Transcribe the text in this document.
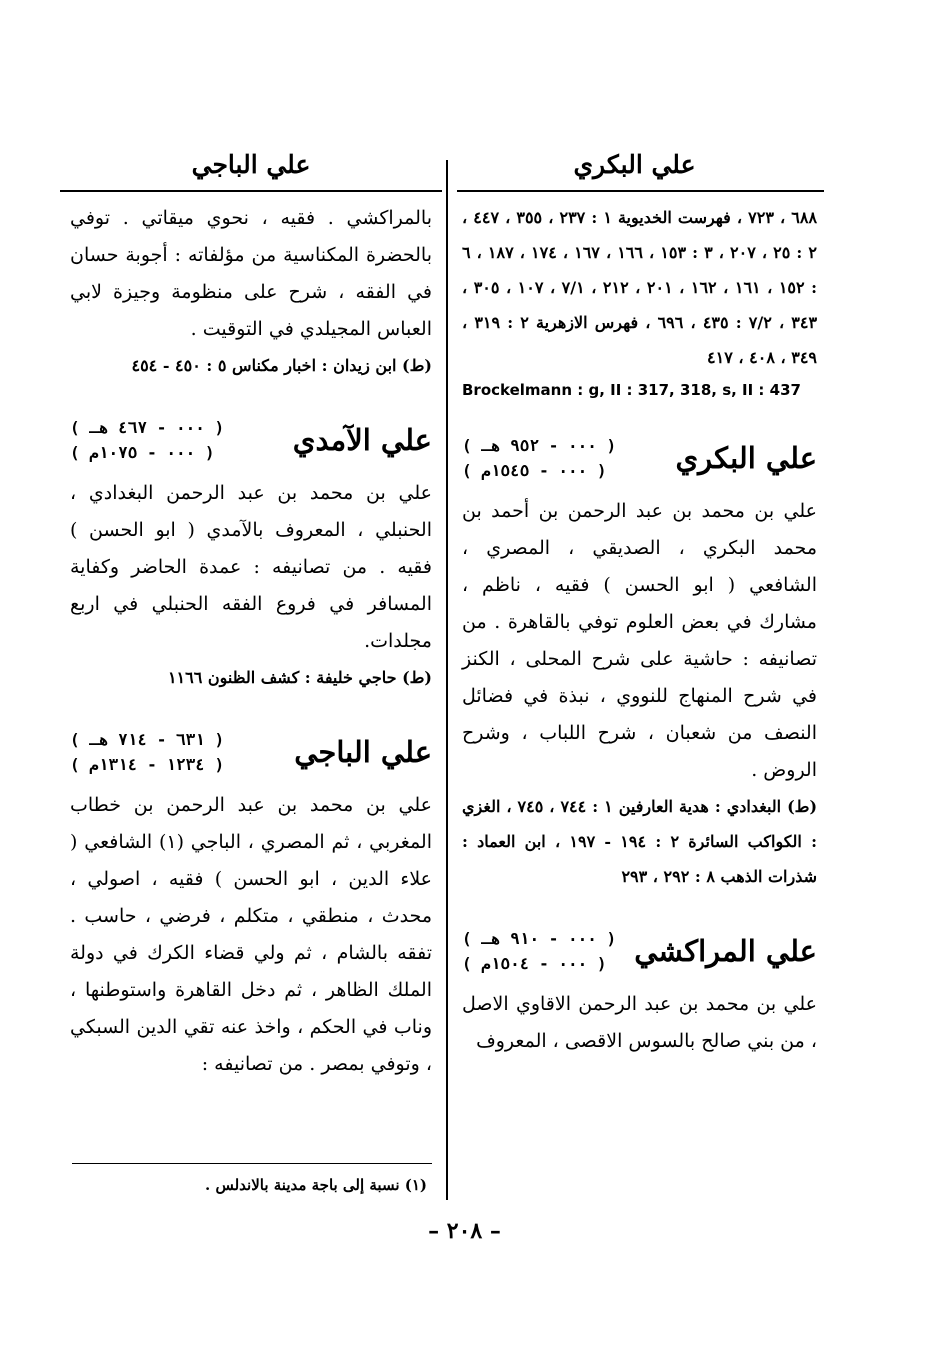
علي البكري
علي الباجي

٦٨٨ ، ٧٢٣ ، فهرست الخديوية ١ : ٢٣٧ ، ٣٥٥ ، ٤٤٧ ، ٢ : ٢٥ ، ٢٠٧ ، ٣ : ١٥٣ ، ١٦٦ ، ١٦٧ ، ١٧٤ ، ١٨٧ ، ٦ : ١٥٢ ، ١٦١ ، ١٦٢ ، ٢٠١ ، ٢١٢ ، ٧/١ ، ١٠٧ ، ٣٠٥ ، ٣٤٣ ، ٧/٢ : ٤٣٥ ، ٦٩٦ ، فهرس الازهرية ٢ : ٣١٩ ، ٣٤٩ ، ٤٠٨ ، ٤١٧

Brockelmann : g, II : 317, 318, s, II : 437

علي البكري
( ٠٠٠ - ٩٥٢ هـ )
( ٠٠٠ - ١٥٤٥م )

علي بن محمد بن عبد الرحمن بن أحمد بن محمد البكري ، الصديقي ، المصري ، الشافعي ( ابو الحسن ) فقيه ، ناظم ، مشارك في بعض العلوم توفي بالقاهرة . من تصانيفه : حاشية على شرح المحلى ، الكنز في شرح المنهاج للنووي ، نبذة في فضائل النصف من شعبان ، شرح اللباب ، وشرح الروض .

(ط) البغدادي : هدية العارفين ١ : ٧٤٤ ، ٧٤٥ ، الغزي : الكواكب السائرة ٢ : ١٩٤ - ١٩٧ ، ابن العماد : شذرات الذهب ٨ : ٢٩٢ ، ٢٩٣

علي المراكشي
( ٠٠٠ - ٩١٠ هـ )
( ٠٠٠ - ١٥٠٤م )

علي بن محمد بن عبد الرحمن الاقاوي الاصل ، من بني صالح بالسوس الاقصى ، المعروف

بالمراكشي . فقيه ، نحوي ميقاتي . توفي بالحضرة المكناسية من مؤلفاته : أجوبة حسان في الفقه ، شرح على منظومة وجيزة لابي العباس المجيلدي في التوقيت .

(ط) ابن زيدان : اخبار مكناس ٥ : ٤٥٠ - ٤٥٤

علي الآمدي
( ٠٠٠ - ٤٦٧ هـ )
( ٠٠٠ - ١٠٧٥م )

علي بن محمد بن عبد الرحمن البغدادي ، الحنبلي ، المعروف بالآمدي ( ابو الحسن ) فقيه . من تصانيفه : عمدة الحاضر وكفاية المسافر في فروع الفقه الحنبلي في اربع مجلدات.

(ط) حاجي خليفة : كشف الظنون ١١٦٦

علي الباجي
( ٦٣١ - ٧١٤ هـ )
( ١٢٣٤ - ١٣١٤م )

علي بن محمد بن عبد الرحمن بن خطاب المغربي ، ثم المصري ، الباجي (١) الشافعي ( علاء الدين ، ابو الحسن ) فقيه ، اصولي ، محدث ، منطقي ، متكلم ، فرضي ، حاسب . تفقه بالشام ، ثم ولي قضاء الكرك في دولة الملك الظاهر ، ثم دخل القاهرة واستوطنها ، وناب في الحكم ، واخذ عنه تقي الدين السبكي ، وتوفي بمصر . من تصانيفه :

(١) نسبة إلى باجة مدينة بالاندلس .
– ٢٠٨ –
